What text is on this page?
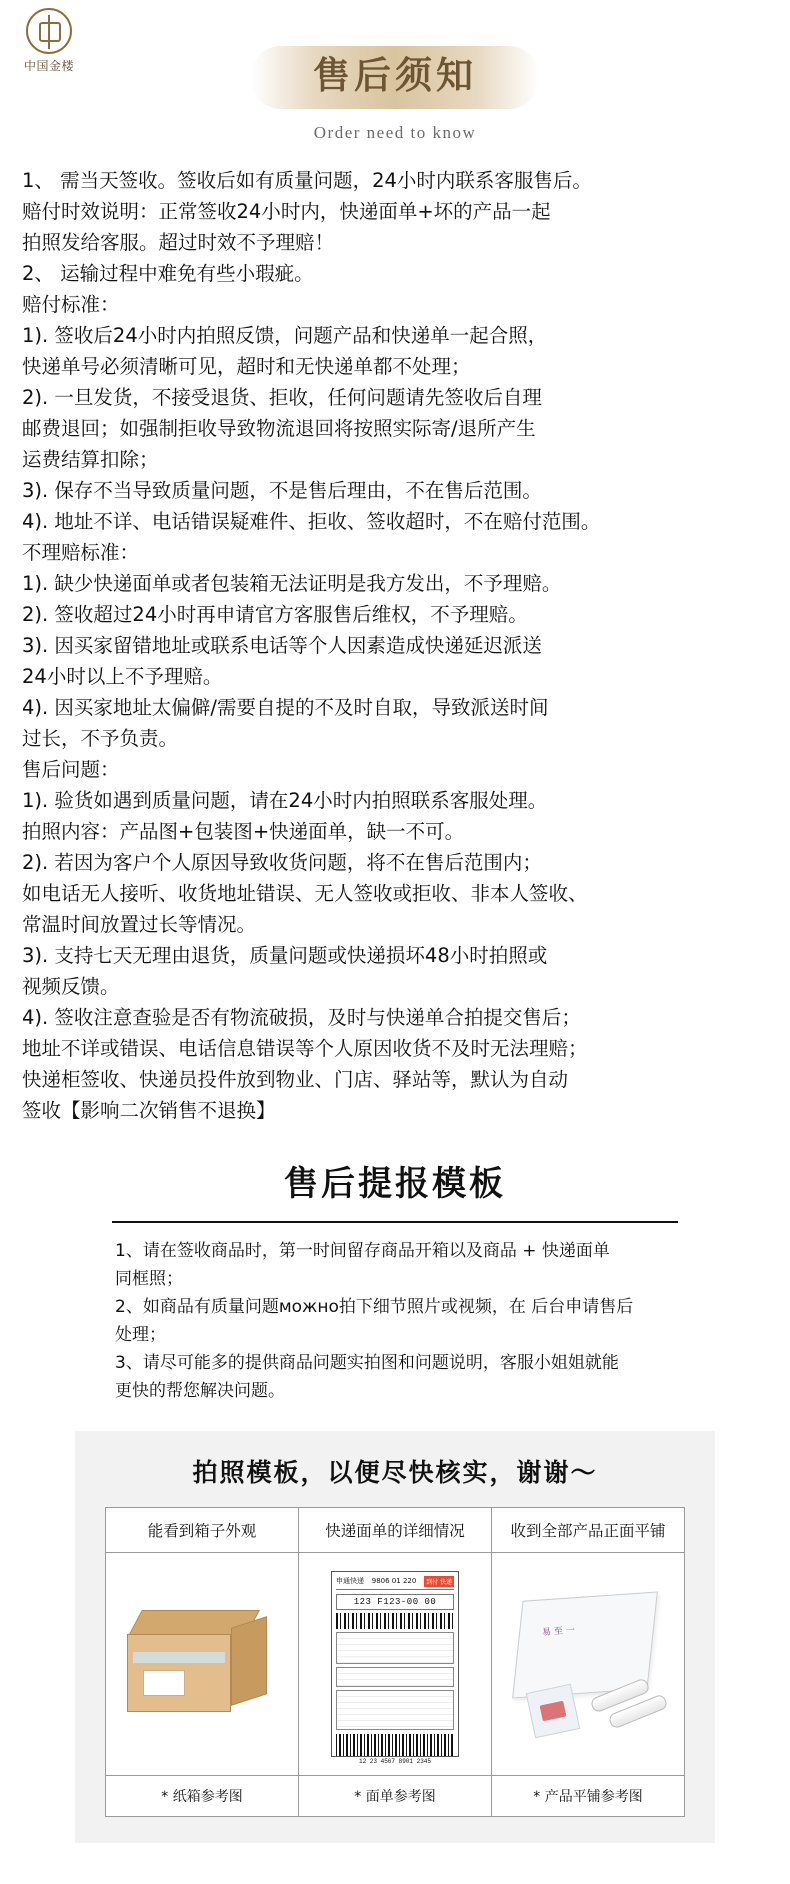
中国金楼	售后须知
Order need to know

1、 需当天签收。签收后如有质量问题，24小时内联系客服售后。

赔付时效说明：正常签收24小时内，快递面单+坏的产品一起

拍照发给客服。超过时效不予理赔！

2、 运输过程中难免有些小瑕疵。

赔付标准：

1). 签收后24小时内拍照反馈，问题产品和快递单一起合照，

快递单号必须清晰可见，超时和无快递单都不处理；

2). 一旦发货，不接受退货、拒收，任何问题请先签收后自理

邮费退回；如强制拒收导致物流退回将按照实际寄/退所产生

运费结算扣除；

3). 保存不当导致质量问题，不是售后理由，不在售后范围。

4). 地址不详、电话错误疑难件、拒收、签收超时，不在赔付范围。

不理赔标准：

1). 缺少快递面单或者包装箱无法证明是我方发出，不予理赔。

2). 签收超过24小时再申请官方客服售后维权，不予理赔。

3). 因买家留错地址或联系电话等个人因素造成快递延迟派送

24小时以上不予理赔。

4). 因买家地址太偏僻/需要自提的不及时自取，导致派送时间

过长，不予负责。

售后问题：

1). 验货如遇到质量问题，请在24小时内拍照联系客服处理。

拍照内容：产品图+包装图+快递面单，缺一不可。

2). 若因为客户个人原因导致收货问题，将不在售后范围内；

如电话无人接听、收货地址错误、无人签收或拒收、非本人签收、

常温时间放置过长等情况。

3). 支持七天无理由退货，质量问题或快递损坏48小时拍照或

视频反馈。

4). 签收注意查验是否有物流破损，及时与快递单合拍提交售后；

地址不详或错误、电话信息错误等个人原因收货不及时无法理赔；

快递柜签收、快递员投件放到物业、门店、驿站等，默认为自动

签收【影响二次销售不退换】

售后提报模板

1、请在签收商品时，第一时间留存商品开箱以及商品 + 快递面单

同框照；

2、如商品有质量问题можно拍下细节照片或视频，在 后台申请售后

处理；

3、请尽可能多的提供商品问题实拍图和问题说明，客服小姐姐就能

更快的帮您解决问题。

拍照模板，以便尽快核实，谢谢～
能看到箱子外观	快递面单的详细情况	收到全部产品正面平铺

	申通快递 9806 01 220 到付 快递
123 F123-00 00
12 23 4567 8901 2345	易 至 一

* 纸箱参考图	* 面单参考图	* 产品平铺参考图
